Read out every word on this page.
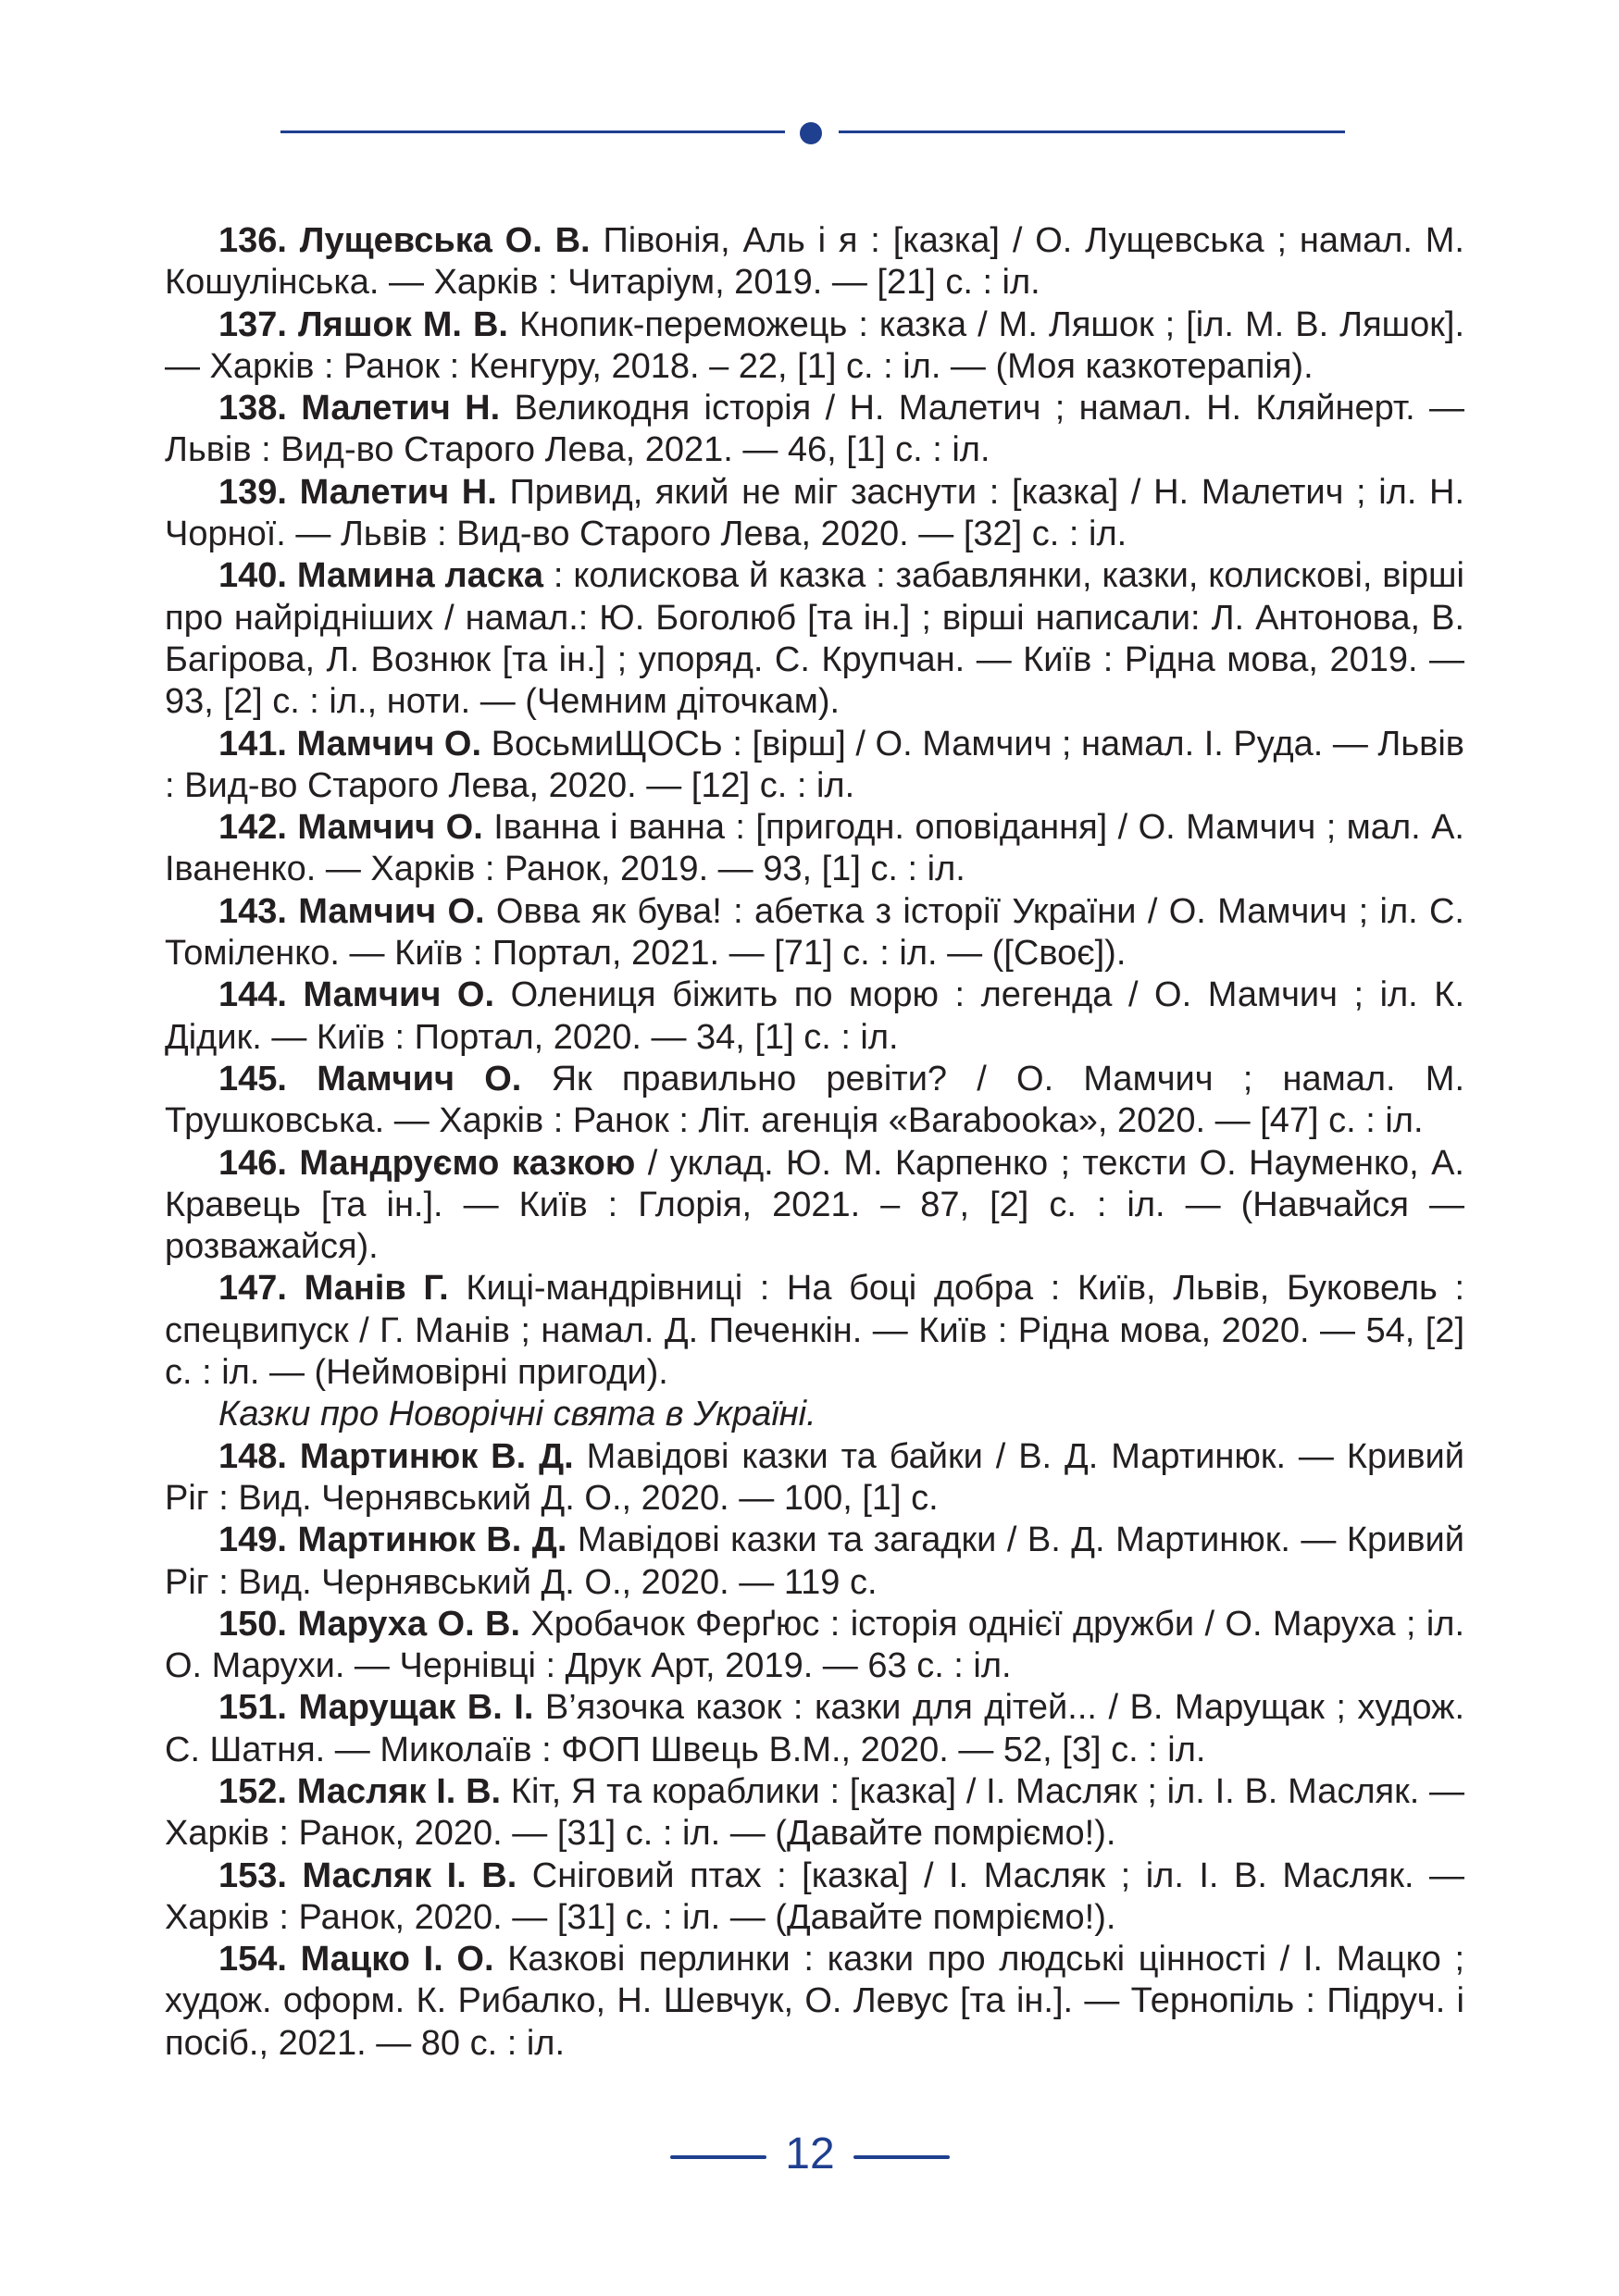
136. Лущевська О. В. Півонія, Аль і я : [казка] / О. Лущевська ; намал. М. Кошулінська. — Харків : Читаріум, 2019. — [21] с. : іл.

137. Ляшок М. В. Кнопик-переможець : казка / М. Ляшок ; [іл. М. В. Ляшок]. — Харків : Ранок : Кенгуру, 2018. – 22, [1] с. : іл. — (Моя казкотерапія).

138. Малетич Н. Великодня історія / Н. Малетич ; намал. Н. Кляйнерт. — Львів : Вид-во Старого Лева, 2021. — 46, [1] с. : іл.

139. Малетич Н. Привид, який не міг заснути : [казка] / Н. Малетич ; іл. Н. Чорної. — Львів : Вид-во Старого Лева, 2020. — [32] с. : іл.

140. Мамина ласка : колискова й казка : забавлянки, казки, колискові, вірші про найрідніших / намал.: Ю. Боголюб [та ін.] ; вірші написали: Л. Антонова, В. Багірова, Л. Вознюк [та ін.] ; упоряд. С. Крупчан. — Київ : Рідна мова, 2019. — 93, [2] с. : іл., ноти. — (Чемним діточкам).

141. Мамчич О. ВосьмиЩОСЬ : [вірш] / О. Мамчич ; намал. І. Руда. — Львів : Вид-во Старого Лева, 2020. — [12] с. : іл.

142. Мамчич О. Іванна і ванна : [пригодн. оповідання] / О. Мамчич ; мал. А. Іваненко. — Харків : Ранок, 2019. — 93, [1] с. : іл.

143. Мамчич О. Овва як бува! : абетка з історії України / О. Мамчич ; іл. С. Томіленко. — Київ : Портал, 2021. — [71] с. : іл. — ([Своє]).

144. Мамчич О. Олениця біжить по морю : легенда / О. Мамчич ; іл. К. Дідик. — Київ : Портал, 2020. — 34, [1] с. : іл.

145. Мамчич О. Як правильно ревіти? / О. Мамчич ; намал. М. Трушковська. — Харків : Ранок : Літ. агенція «Barabooka», 2020. — [47] с. : іл.

146. Мандруємо казкою / уклад. Ю. М. Карпенко ; тексти О. Науменко, А. Кравець [та ін.]. — Київ : Глорія, 2021. – 87, [2] с. : іл. — (Навчайся — розважайся).

147. Манів Г. Киці-мандрівниці : На боці добра : Київ, Львів, Буковель : спецвипуск / Г. Манів ; намал. Д. Печенкін. — Київ : Рідна мова, 2020. — 54, [2] с. : іл. — (Неймовірні пригоди).

Казки про Новорічні свята в Україні.

148. Мартинюк В. Д. Мавідові казки та байки / В. Д. Мартинюк. — Кривий Ріг : Вид. Чернявський Д. О., 2020. — 100, [1] с.

149. Мартинюк В. Д. Мавідові казки та загадки / В. Д. Мартинюк. — Кривий Ріг : Вид. Чернявський Д. О., 2020. — 119 с.

150. Маруха О. В. Хробачок Ферґюс : історія однієї дружби / О. Маруха ; іл. О. Марухи. — Чернівці : Друк Арт, 2019. — 63 с. : іл.

151. Марущак В. І. В’язочка казок : казки для дітей... / В. Марущак ; худож. С. Шатня. — Миколаїв : ФОП Швець В.М., 2020. — 52, [3] с. : іл.

152. Масляк І. В. Кіт, Я та кораблики : [казка] / І. Масляк ; іл. І. В. Масляк. — Харків : Ранок, 2020. — [31] с. : іл. — (Давайте помріємо!).

153. Масляк І. В. Сніговий птах : [казка] / І. Масляк ; іл. І. В. Масляк. — Харків : Ранок, 2020. — [31] с. : іл. — (Давайте помріємо!).

154. Мацко І. О. Казкові перлинки : казки про людські цінності / І. Мацко ; худож. оформ. К. Рибалко, Н. Шевчук, О. Левус [та ін.]. — Тернопіль : Підруч. і посіб., 2021. — 80 с. : іл.

12
